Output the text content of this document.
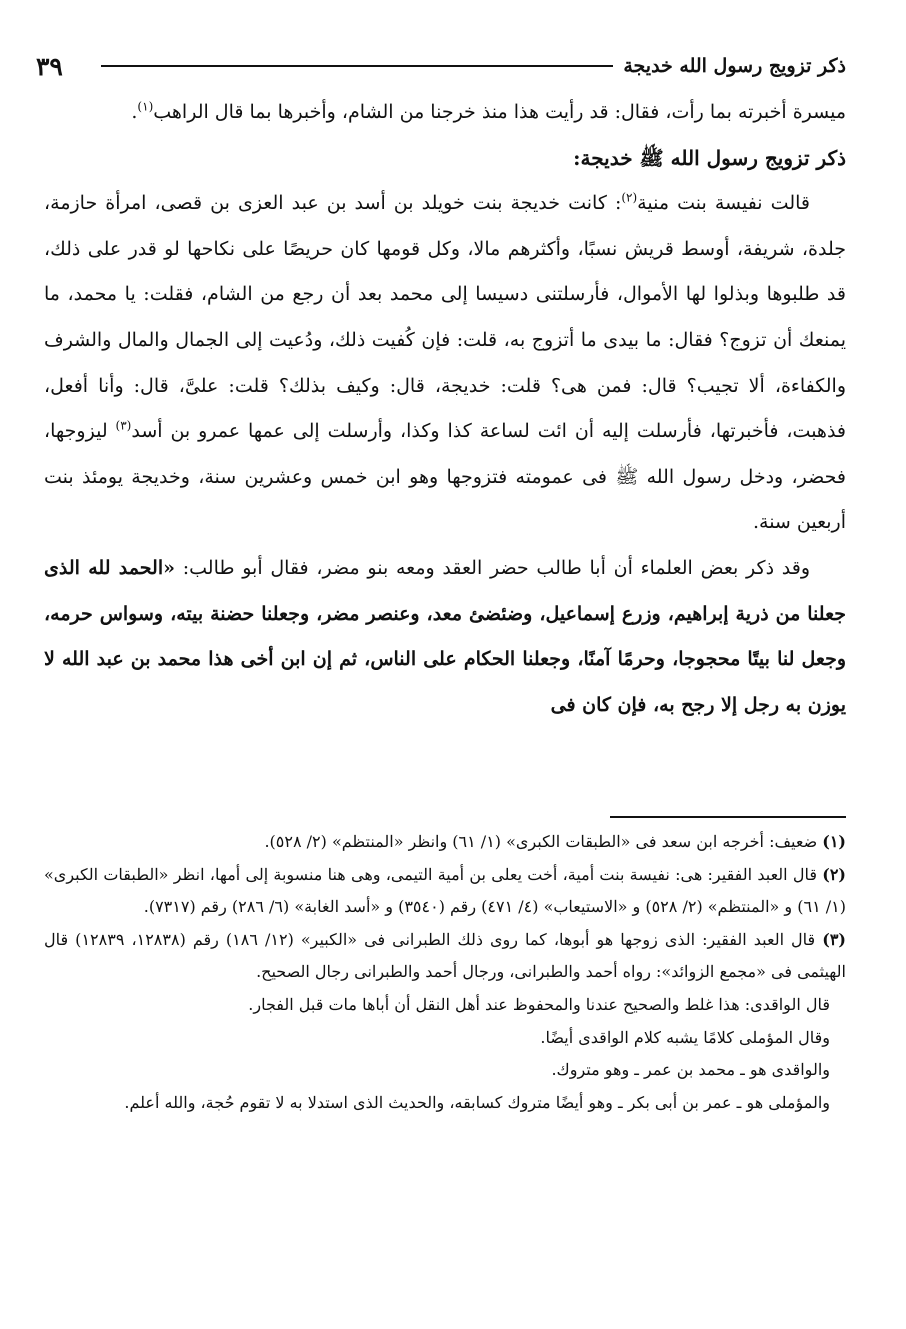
ذكر تزويج رسول الله خديجة
٣٩

ميسرة أخبرته بما رأت، فقال: قد رأيت هذا منذ خرجنا من الشام، وأخبرها بما قال الراهب$^{(١)}$.

ذكر تزويج رسول الله ﷺ خديجة:

قالت نفيسة بنت منية$^{(٢)}$: كانت خديجة بنت خويلد بن أسد بن عبد العزى بن قصى، امرأة حازمة، جلدة، شريفة، أوسط قريش نسبًا، وأكثرهم مالا، وكل قومها كان حريصًا على نكاحها لو قدر على ذلك، قد طلبوها وبذلوا لها الأموال، فأرسلتنى دسيسا إلى محمد بعد أن رجع من الشام، فقلت: يا محمد، ما يمنعك أن تزوج؟ فقال: ما بيدى ما أتزوج به، قلت: فإن كُفيت ذلك، ودُعيت إلى الجمال والمال والشرف والكفاءة، ألا تجيب؟ قال: فمن هى؟ قلت: خديجة، قال: وكيف بذلك؟ قلت: علىَّ، قال: وأنا أفعل، فذهبت، فأخبرتها، فأرسلت إليه أن ائت لساعة كذا وكذا، وأرسلت إلى عمها عمرو بن أسد$^{(٣)}$ ليزوجها، فحضر، ودخل رسول الله ﷺ فى عمومته فتزوجها وهو ابن خمس وعشرين سنة، وخديجة يومئذ بنت أربعين سنة.

وقد ذكر بعض العلماء أن أبا طالب حضر العقد ومعه بنو مضر، فقال أبو طالب: «الحمد لله الذى جعلنا من ذرية إبراهيم، وزرع إسماعيل، وضئضئ معد، وعنصر مضر، وجعلنا حضنة بيته، وسواس حرمه، وجعل لنا بيتًا محجوجا، وحرمًا آمنًا، وجعلنا الحكام على الناس، ثم إن ابن أخى هذا محمد بن عبد الله لا يوزن به رجل إلا رجح به، فإن كان فى

(١) ضعيف: أخرجه ابن سعد فى «الطبقات الكبرى» (١/ ٦١) وانظر «المنتظم» (٢/ ٥٢٨).

(٢) قال العبد الفقير: هى: نفيسة بنت أمية، أخت يعلى بن أمية التيمى، وهى هنا منسوبة إلى أمها، انظر «الطبقات الكبرى» (١/ ٦١) و «المنتظم» (٢/ ٥٢٨) و «الاستيعاب» (٤/ ٤٧١) رقم (٣٥٤٠) و «أسد الغابة» (٦/ ٢٨٦) رقم (٧٣١٧).

(٣) قال العبد الفقير: الذى زوجها هو أبوها، كما روى ذلك الطبرانى فى «الكبير» (١٢/ ١٨٦) رقم (١٢٨٣٨، ١٢٨٣٩) قال الهيثمى فى «مجمع الزوائد»: رواه أحمد والطبرانى، ورجال أحمد والطبرانى رجال الصحيح.

قال الواقدى: هذا غلط والصحيح عندنا والمحفوظ عند أهل النقل أن أباها مات قبل الفجار.

وقال المؤملى كلامًا يشبه كلام الواقدى أيضًا.

والواقدى هو ـ محمد بن عمر ـ وهو متروك.

والمؤملى هو ـ عمر بن أبى بكر ـ وهو أيضًا متروك كسابقه، والحديث الذى استدلا به لا تقوم حُجة، والله أعلم.
